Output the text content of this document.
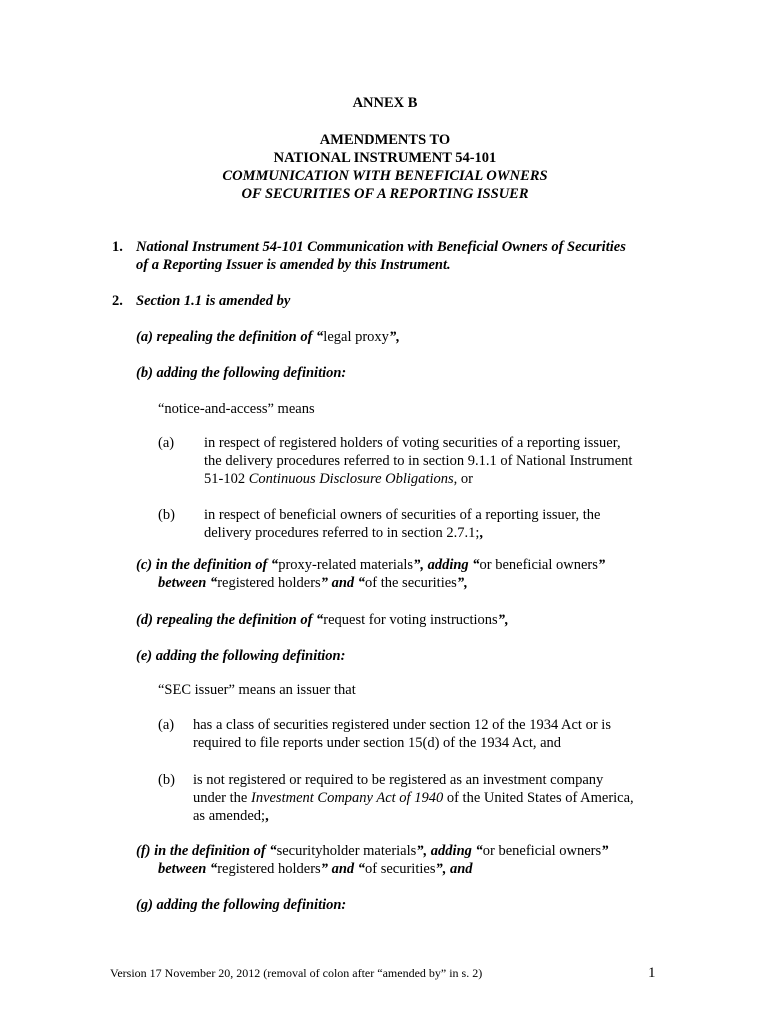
ANNEX B
AMENDMENTS TO
NATIONAL INSTRUMENT 54-101
COMMUNICATION WITH BENEFICIAL OWNERS
OF SECURITIES OF A REPORTING ISSUER
1. National Instrument 54-101 Communication with Beneficial Owners of Securities
of a Reporting Issuer is amended by this Instrument.
2. Section 1.1 is amended by
(a) repealing the definition of “legal proxy”,
(b) adding the following definition:
“notice-and-access” means
(a) in respect of registered holders of voting securities of a reporting issuer,
the delivery procedures referred to in section 9.1.1 of National Instrument
51-102 Continuous Disclosure Obligations, or
(b) in respect of beneficial owners of securities of a reporting issuer, the
delivery procedures referred to in section 2.7.1;,
(c) in the definition of “proxy-related materials”, adding “or beneficial owners”
between “registered holders” and “of the securities”,
(d) repealing the definition of “request for voting instructions”,
(e) adding the following definition:
“SEC issuer” means an issuer that
(a) has a class of securities registered under section 12 of the 1934 Act or is
required to file reports under section 15(d) of the 1934 Act, and
(b) is not registered or required to be registered as an investment company
under the Investment Company Act of 1940 of the United States of America,
as amended;,
(f) in the definition of “securityholder materials”, adding “or beneficial owners”
between “registered holders” and “of securities”, and
(g) adding the following definition:
Version 17 November 20, 2012 (removal of colon after “amended by” in s. 2)	1
